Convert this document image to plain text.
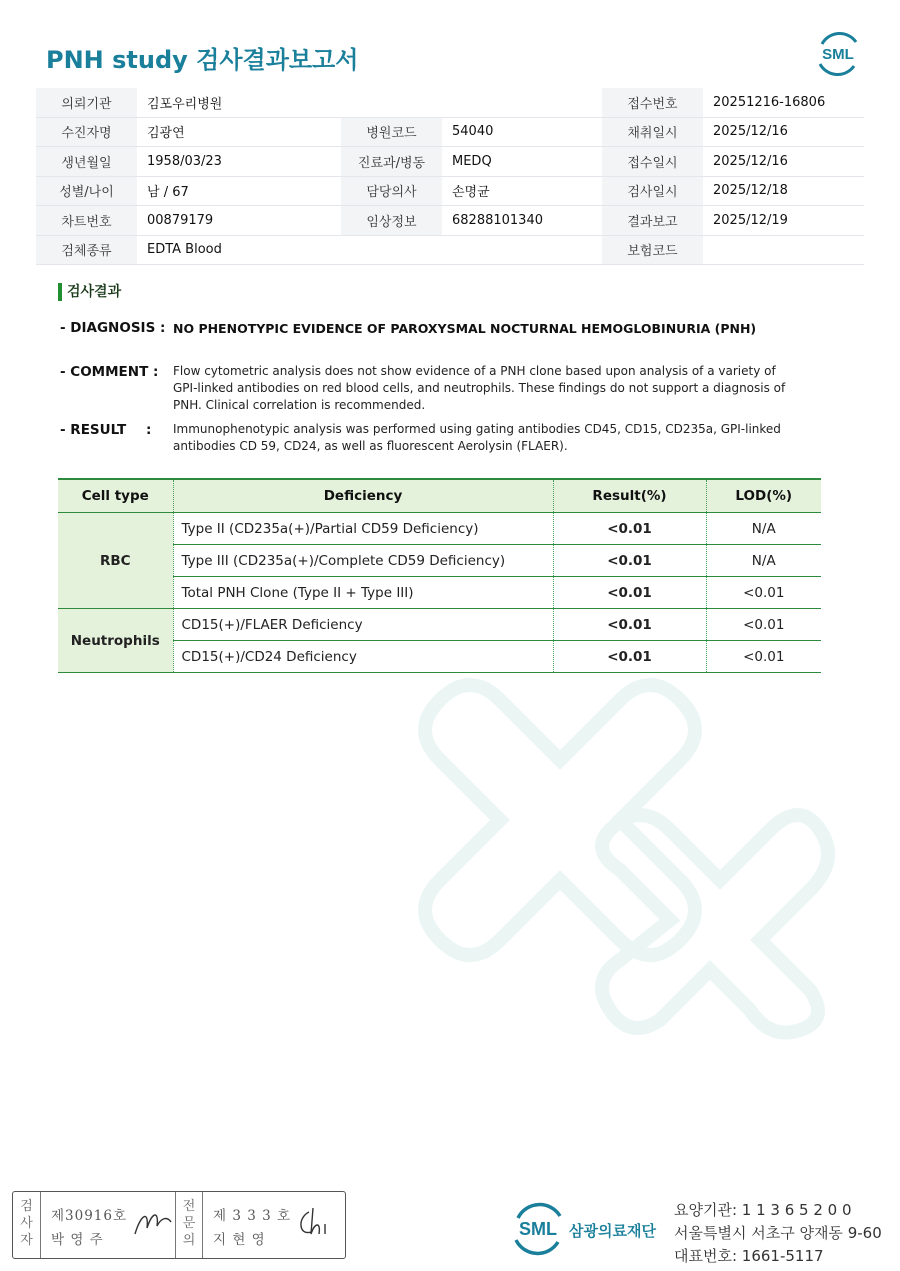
PNH study 검사결과보고서	SML
의뢰기관	김포우리병원			접수번호	20251216-16806
수진자명	김광연	병원코드	54040	채취일시	2025/12/16
생년월일	1958/03/23	진료과/병동	MEDQ	접수일시	2025/12/16
성별/나이	남 / 67	담당의사	손명균	검사일시	2025/12/18
차트번호	00879179	임상정보	68288101340	결과보고	2025/12/19
검체종류	EDTA Blood			보험코드	
검사결과
- DIAGNOSIS : NO PHENOTYPIC EVIDENCE OF PAROXYSMAL NOCTURNAL HEMOGLOBINURIA (PNH)
- COMMENT : Flow cytometric analysis does not show evidence of a PNH clone based upon analysis of a variety of GPI-linked antibodies on red blood cells, and neutrophils. These findings do not support a diagnosis of PNH. Clinical correlation is recommended.
- RESULT : Immunophenotypic analysis was performed using gating antibodies CD45, CD15, CD235a, GPI-linked antibodies CD 59, CD24, as well as fluorescent Aerolysin (FLAER).
Cell type	Deficiency	Result(%)	LOD(%)
RBC	Type II (CD235a(+)/Partial CD59 Deficiency)	<0.01	N/A
	Type III (CD235a(+)/Complete CD59 Deficiency)	<0.01	N/A
	Total PNH Clone (Type II + Type III)	<0.01	<0.01
Neutrophils	CD15(+)/FLAER Deficiency	<0.01	<0.01
	CD15(+)/CD24 Deficiency	<0.01	<0.01
검
사
자
제30916호
박 영 주
전
문
의
제 3 3 3 호
지 현 영
SML 삼광의료재단
요양기관: 1 1 3 6 5 2 0 0
서울특별시 서초구 양재동 9-60
대표번호: 1661-5117
